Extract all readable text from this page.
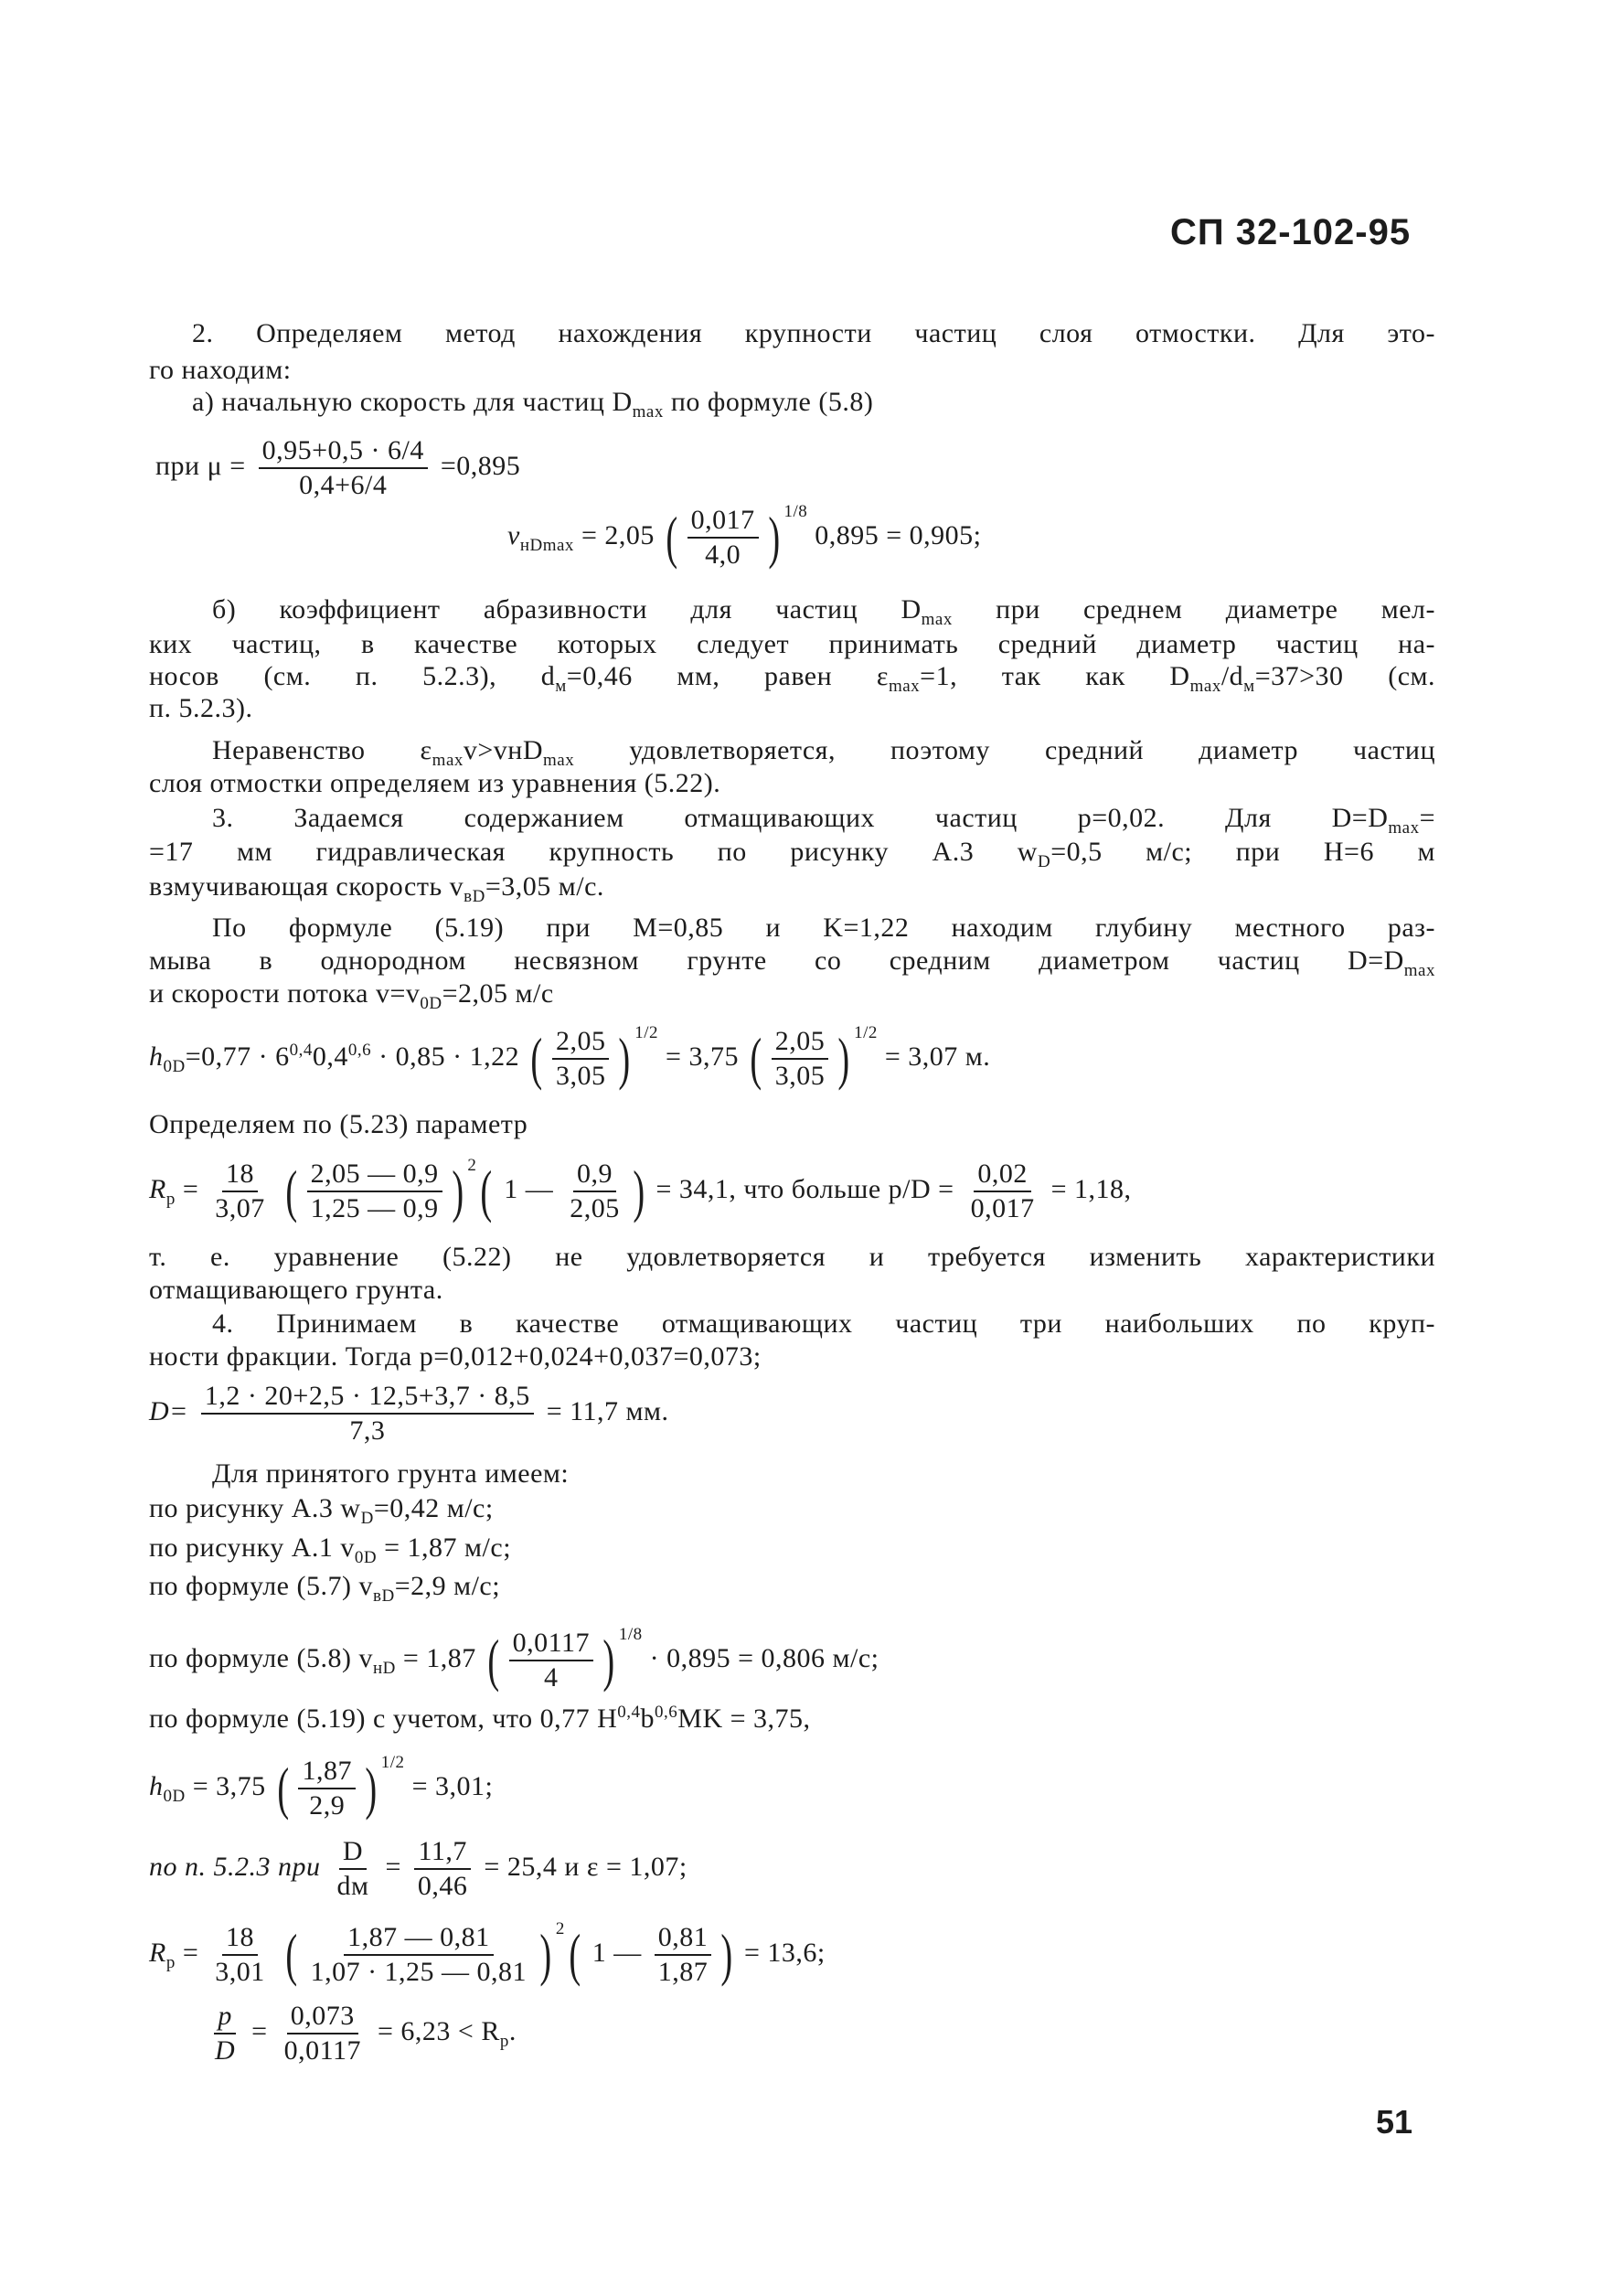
СП 32-102-95
2. Определяем метод нахождения крупности частиц слоя отмостки. Для это-
го находим:
а) начальную скорость для частиц $D_{max}$ по формуле (5.8)
при $\mu = \frac{0,95+0,5 \cdot 6/4}{0,4+6/4} =0,895$
$v_{нDmax} = 2,05$ ( $\frac{0,017}{4,0}$ ) $^{1/8}$ 0,895 = 0,905;
б) коэффициент абразивности для частиц $D_{max}$ при среднем диаметре мел-
ких частиц, в качестве которых следует принимать средний диаметр частиц на-
носов (см. п. 5.2.3), $d_м=0,46$ мм, равен $\varepsilon_{max}=1$, так как $D_{max}/d_м=37>30$ (см.
п. 5.2.3).
Неравенство $\varepsilon_{max}v>vнD_{max}$ удовлетворяется, поэтому средний диаметр частиц
слоя отмостки определяем из уравнения (5.22).
3. Задаемся содержанием отмащивающих частиц p=0,02. Для $D=D_{max}=$
=17 мм гидравлическая крупность по рисунку А.3 $w_D=0,5$ м/с; при H=6 м
взмучивающая скорость $v_{вD}=3,05$ м/с.
По формуле (5.19) при M=0,85 и K=1,22 находим глубину местного раз-
мыва в однородном несвязном грунте со средним диаметром частиц $D=D_{max}$
и скорости потока $v=v_{0D}=2,05$ м/с
$h_{0D}=0,77 \cdot 6^{0,4}0,4^{0,6} \cdot 0,85 \cdot 1,22$ ( $\frac{2,05}{3,05}$ ) $^{1/2}$ = 3,75 ( $\frac{2,05}{3,05}$ ) $^{1/2}$ = 3,07 м.
Определяем по (5.23) параметр
$R_р = \frac{18}{3,07}$ ( $\frac{2,05 — 0,9}{1,25 — 0,9}$ ) $^2$( 1 — $\frac{0,9}{2,05}$ ) = 34,1, что больше $p/D = \frac{0,02}{0,017} = 1,18$,
т. е. уравнение (5.22) не удовлетворяется и требуется изменить характеристики
отмащивающего грунта.
4. Принимаем в качестве отмащивающих частиц три наибольших по круп-
ности фракции. Тогда p=0,012+0,024+0,037=0,073;
$D= \frac{1,2 \cdot 20+2,5 \cdot 12,5+3,7 \cdot 8,5}{7,3} = 11,7$ мм.
Для принятого грунта имеем:
по рисунку А.3 $w_D=0,42$ м/с;
по рисунку А.1 $v_{0D} = 1,87$ м/с;
по формуле (5.7) $v_{вD}=2,9$ м/с;
по формуле (5.8) $v_{нD} = 1,87$ ( $\frac{0,0117}{4}$ ) $^{1/8}$ · 0,895 = 0,806 м/с;
по формуле (5.19) с учетом, что 0,77 $H^{0,4}b^{0,6}MK = 3,75$,
$h_{0D} = 3,75$ ( $\frac{1,87}{2,9}$ ) $^{1/2}$ = 3,01;
по п. 5.2.3 при $\frac{D}{dм} = \frac{11,7}{0,46} = 25,4$ и ε = 1,07;
$R_р = \frac{18}{3,01}$ ( $\frac{1,87 — 0,81}{1,07 \cdot 1,25 — 0,81}$ ) $^2$( 1 — $\frac{0,81}{1,87}$ ) = 13,6;
$\frac{p}{D} = \frac{0,073}{0,0117} = 6,23 < R_р$.
51
